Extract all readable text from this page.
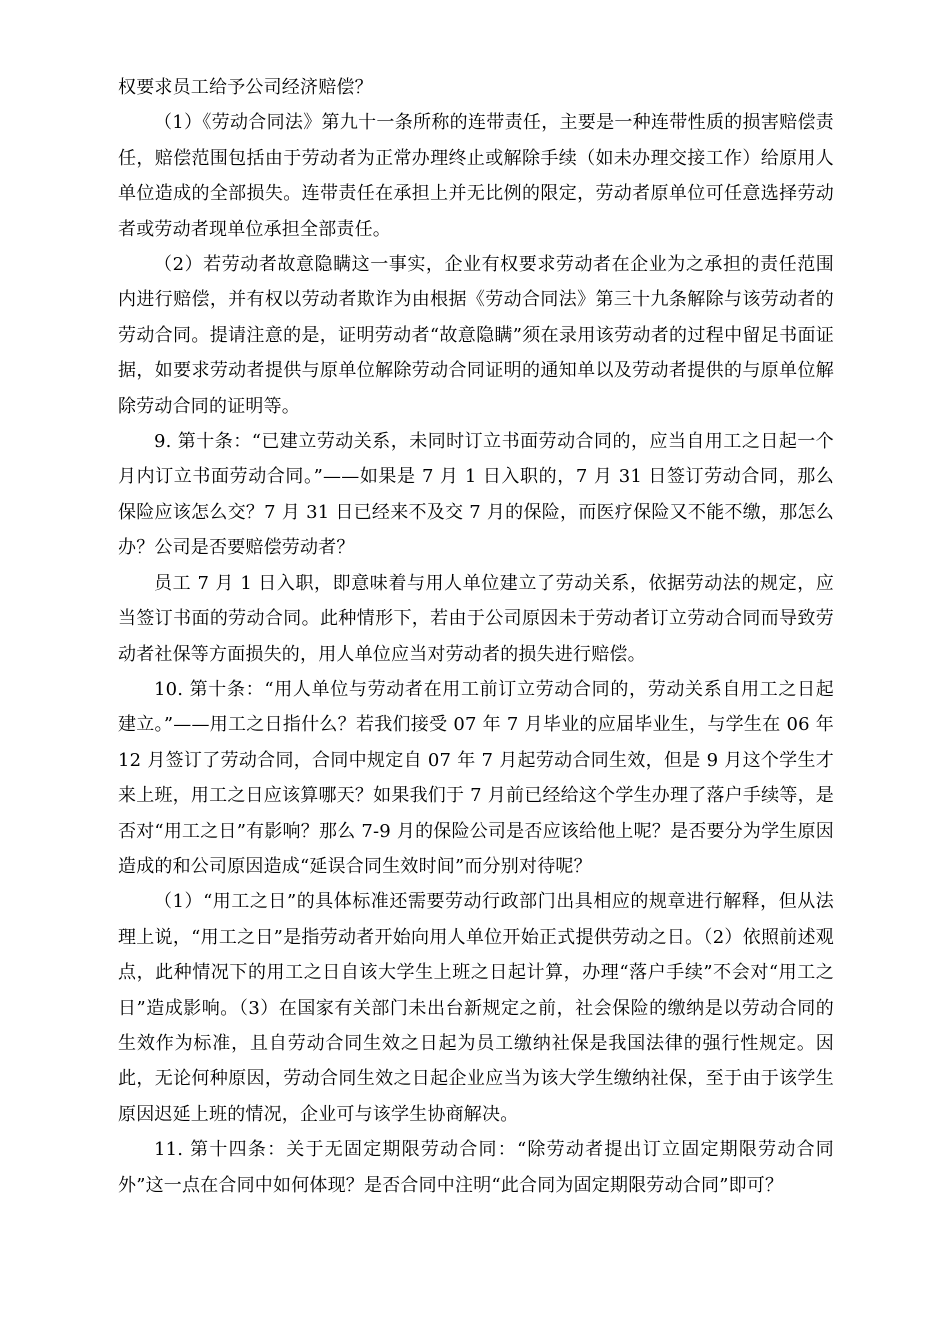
权要求员工给予公司经济赔偿？

（1）《劳动合同法》第九十一条所称的连带责任，主要是一种连带性质的损害赔偿责任，赔偿范围包括由于劳动者为正常办理终止或解除手续（如未办理交接工作）给原用人单位造成的全部损失。连带责任在承担上并无比例的限定，劳动者原单位可任意选择劳动者或劳动者现单位承担全部责任。

（2）若劳动者故意隐瞒这一事实，企业有权要求劳动者在企业为之承担的责任范围内进行赔偿，并有权以劳动者欺诈为由根据《劳动合同法》第三十九条解除与该劳动者的劳动合同。提请注意的是，证明劳动者“故意隐瞒”须在录用该劳动者的过程中留足书面证据，如要求劳动者提供与原单位解除劳动合同证明的通知单以及劳动者提供的与原单位解除劳动合同的证明等。

9. 第十条：“已建立劳动关系，未同时订立书面劳动合同的，应当自用工之日起一个月内订立书面劳动合同。”——如果是 7 月 1 日入职的，7 月 31 日签订劳动合同，那么保险应该怎么交？7 月 31 日已经来不及交 7 月的保险，而医疗保险又不能不缴，那怎么办？公司是否要赔偿劳动者？

员工 7 月 1 日入职，即意味着与用人单位建立了劳动关系，依据劳动法的规定，应当签订书面的劳动合同。此种情形下，若由于公司原因未于劳动者订立劳动合同而导致劳动者社保等方面损失的，用人单位应当对劳动者的损失进行赔偿。

10. 第十条：“用人单位与劳动者在用工前订立劳动合同的，劳动关系自用工之日起建立。”——用工之日指什么？若我们接受 07 年 7 月毕业的应届毕业生，与学生在 06 年 12 月签订了劳动合同，合同中规定自 07 年 7 月起劳动合同生效，但是 9 月这个学生才来上班，用工之日应该算哪天？如果我们于 7 月前已经给这个学生办理了落户手续等，是否对“用工之日”有影响？那么 7-9 月的保险公司是否应该给他上呢？是否要分为学生原因造成的和公司原因造成“延误合同生效时间”而分别对待呢？

（1）“用工之日”的具体标准还需要劳动行政部门出具相应的规章进行解释，但从法理上说，“用工之日”是指劳动者开始向用人单位开始正式提供劳动之日。（2）依照前述观点，此种情况下的用工之日自该大学生上班之日起计算，办理“落户手续”不会对“用工之日”造成影响。（3）在国家有关部门未出台新规定之前，社会保险的缴纳是以劳动合同的生效作为标准，且自劳动合同生效之日起为员工缴纳社保是我国法律的强行性规定。因此，无论何种原因，劳动合同生效之日起企业应当为该大学生缴纳社保，至于由于该学生原因迟延上班的情况，企业可与该学生协商解决。

11. 第十四条：关于无固定期限劳动合同：“除劳动者提出订立固定期限劳动合同外”这一点在合同中如何体现？是否合同中注明“此合同为固定期限劳动合同”即可？
